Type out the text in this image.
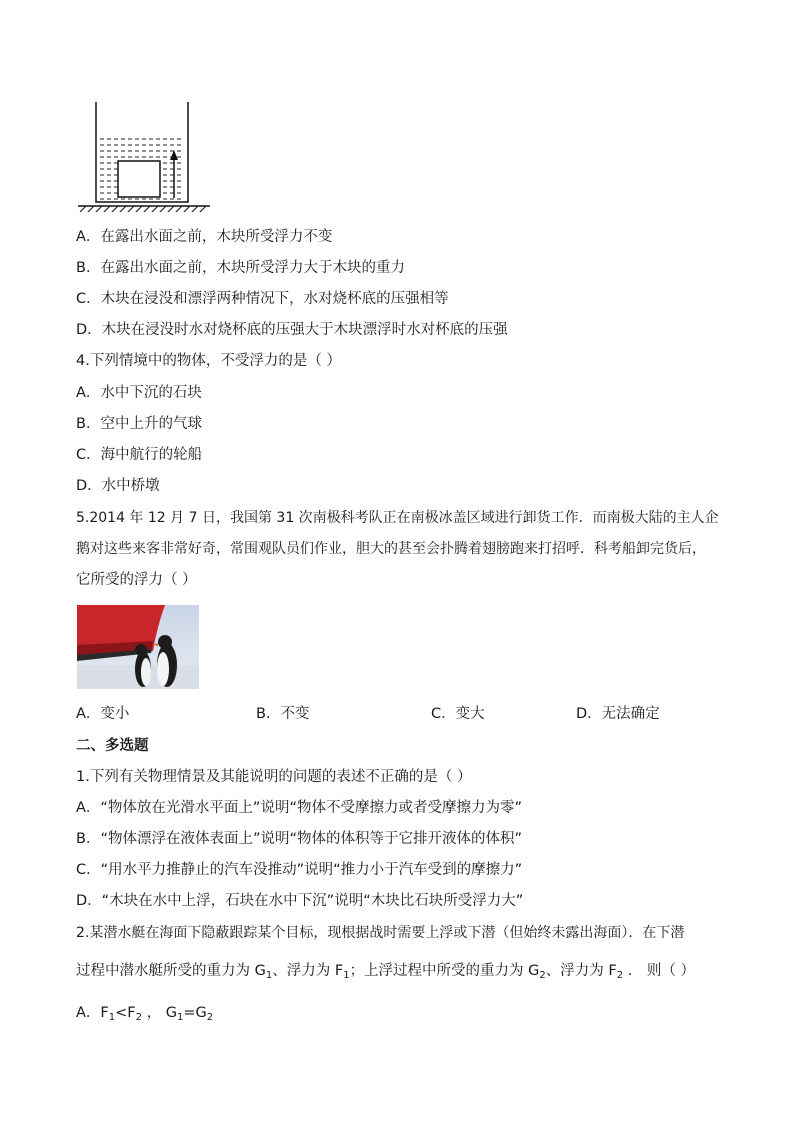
A．在露出水面之前，木块所受浮力不变
B．在露出水面之前，木块所受浮力大于木块的重力
C．木块在浸没和漂浮两种情况下，水对烧杯底的压强相等
D．木块在浸没时水对烧杯底的压强大于木块漂浮时水对杯底的压强
4.下列情境中的物体，不受浮力的是（ ）
A．水中下沉的石块
B．空中上升的气球
C．海中航行的轮船
D．水中桥墩
5.2014 年 12 月 7 日，我国第 31 次南极科考队正在南极冰盖区域进行卸货工作．而南极大陆的主人企
鹅对这些来客非常好奇，常围观队员们作业，胆大的甚至会扑腾着翅膀跑来打招呼．科考船卸完货后，
它所受的浮力（ ）
A．变小	B．不变	C．变大	D．无法确定
二、多选题
1.下列有关物理情景及其能说明的问题的表述不正确的是（ ）
A．“物体放在光滑水平面上”说明“物体不受摩擦力或者受摩擦力为零”
B．“物体漂浮在液体表面上”说明“物体的体积等于它排开液体的体积”
C．“用水平力推静止的汽车没推动”说明“推力小于汽车受到的摩擦力”
D．“木块在水中上浮，石块在水中下沉”说明“木块比石块所受浮力大”
2.某潜水艇在海面下隐蔽跟踪某个目标，现根据战时需要上浮或下潜（但始终未露出海面）．在下潜
过程中潜水艇所受的重力为 $G_1$、浮力为 $F_1$；上浮过程中所受的重力为 $G_2$、浮力为 $F_2$ ． 则（ ）
A．$F_1<F_2$ ， $G_1=G_2$
